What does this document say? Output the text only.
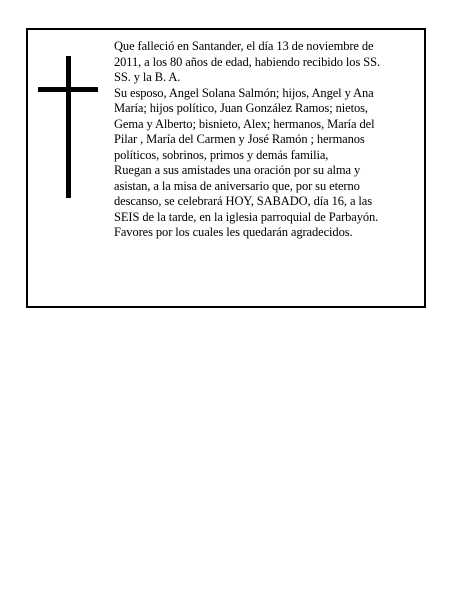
Que falleció en Santander, el día 13 de noviembre de
2011, a los 80 años de edad, habiendo recibido los SS.
SS. y la B. A.
Su esposo, Angel Solana Salmón; hijos, Angel y Ana
María; hijos político, Juan González Ramos; nietos,
Gema y Alberto; bisnieto, Alex; hermanos, María del
Pilar , María del Carmen y José Ramón ; hermanos
políticos, sobrinos, primos y demás familia,
Ruegan a sus amistades una oración por su alma y
asistan, a la misa de aniversario que, por su eterno
descanso, se celebrará HOY, SABADO, día 16, a las
SEIS de la tarde, en la iglesia parroquial de Parbayón.
Favores por los cuales les quedarán agradecidos.
